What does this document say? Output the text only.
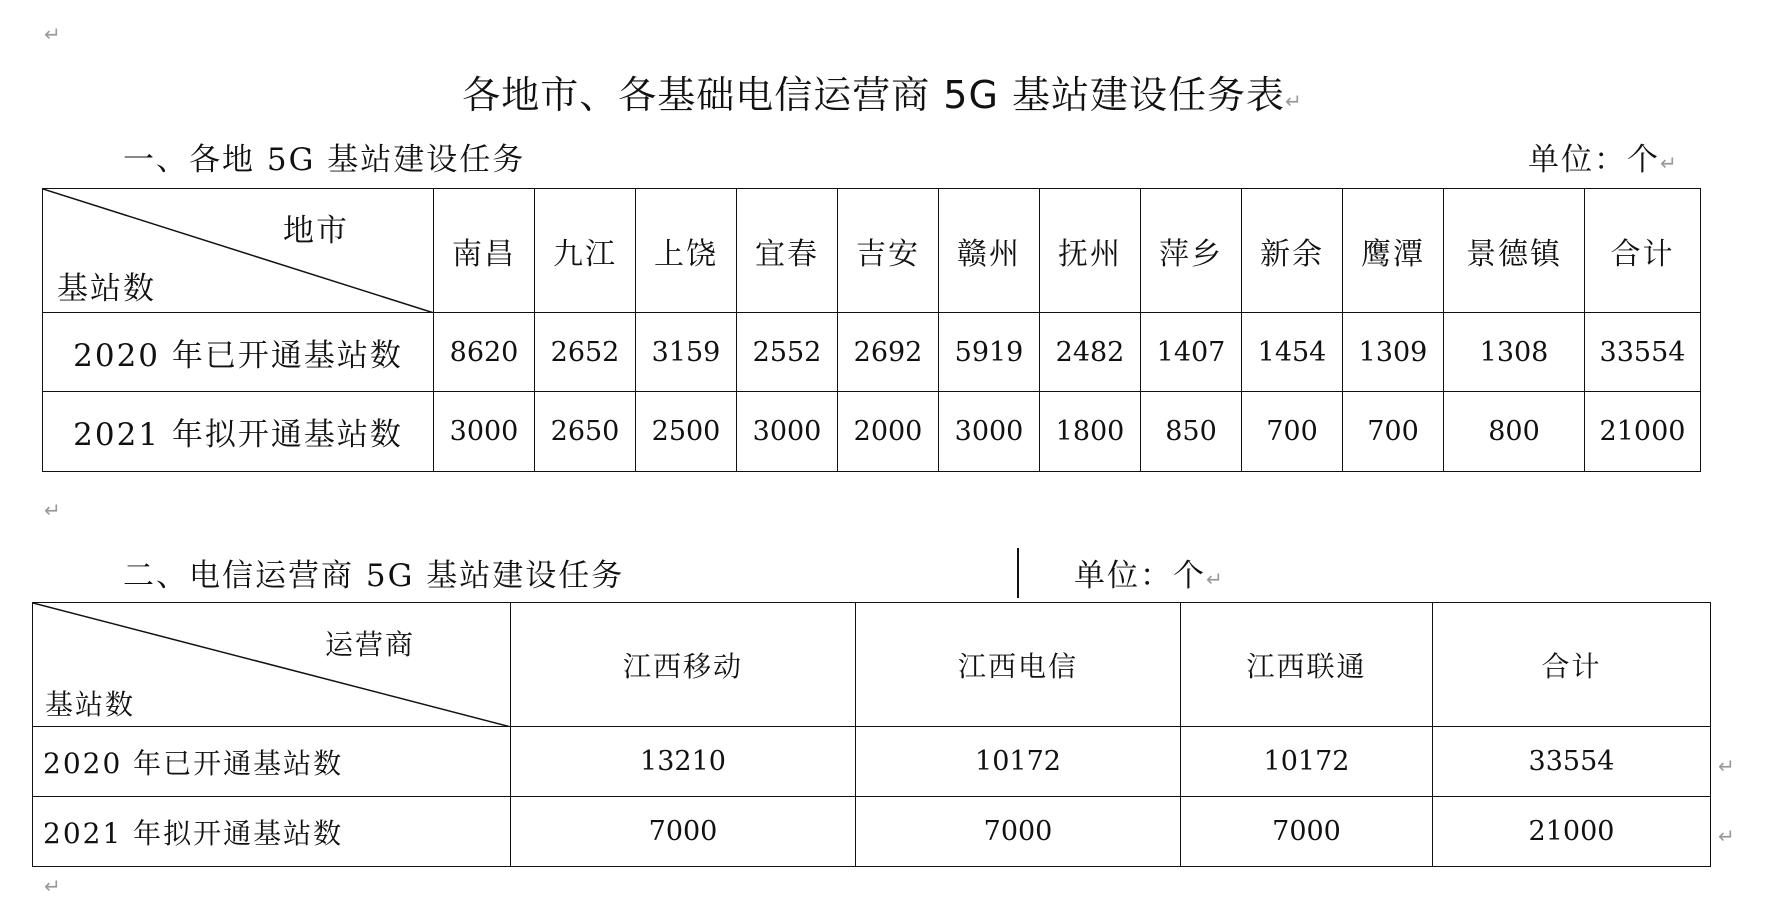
↵
↵
↵
↵
↵
各地市、各基础电信运营商 5G 基站建设任务表↵
一、各地 5G 基站建设任务	单位：个↵
地市
基站数	南昌	九江	上饶	宜春	吉安	赣州	抚州	萍乡	新余	鹰潭	景德镇	合计
2020 年已开通基站数	8620	2652	3159	2552	2692	5919	2482	1407	1454	1309	1308	33554
2021 年拟开通基站数	3000	2650	2500	3000	2000	3000	1800	850	700	700	800	21000
二、电信运营商 5G 基站建设任务	单位：个↵
运营商
基站数	江西移动	江西电信	江西联通	合计
2020 年已开通基站数	13210	10172	10172	33554
2021 年拟开通基站数	7000	7000	7000	21000
